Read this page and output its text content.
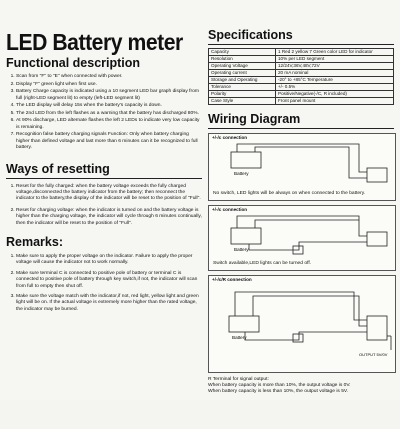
LED Battery meter
Functional description
1. Scan from "F" to "E" when connected with power.
2. Display "F" green light when first use.
3. Battery Charge capacity is indicated using a 10 segment LED bar graph display from full (right-LED segment lit) to empty (left-LED segment lit)
4. The LED display will delay 15s when the battery's capacity is down.
5. The 2nd LED from the left flashes as a warning that the battery has discharged 80%.
6. At 90% discharge, LED alternate flashes the left 2 LEDs to indicate very low capacity is remaining.
7. Recognition false battery charging signals Function: Only when battery charging higher than defined voltage and last more than 6 minutes can it be recognized to full battery.
Ways of resetting
1. Reset for the fully charged: when the battery voltage exceeds the fully charged voltage,disconnected the battery indicator from the battery; then reconnect the indicator to the battery,the display of the indicator will be reset to the position of "Full".
2. Reset for charging voltage: when the indicator is turned on and the battery voltage is higher than the charging voltage, the indicator will cycle through 6 minutes continually, then the indicator will be reset to the position of "Full".
Remarks:
1. Make sure to apply the proper voltage on the indicator. Failure to apply the proper voltage will cause the indicator not to work normally.
2. Make sure terminal C is connected to positive pole of battery or terminal C is connected to positive pole of battery through key switch,if not, the indicator will scan from full to empty then shut off.
3. Make sure the voltage match with the indicator,if not, red light, yellow light and green light will be on. If the actual voltage is extremely more higher than the rated voltage, the indicator may be burned.
Specifications
Capacity	1 Red 2 yellow 7 Green color LED for indicator
Resolution	10% per LED segment
Operating Voltage	12/24V,36V,48V,72V
Operating current	20 mA nominal
Storage and Operating	-20° to +85°C Temperature
Tolerance	+/- 0.5%
Polarity	Positive/Negative(-/C, R included)
Case Style	Front panel mount
Wiring Diagram
+/-/c connection
Battery
No switch, LED lights will be always on when connected to the battery.
+/-/c connection
Battery
Switch available,LED lights can be turned off.
+/-/c/R connection
Battery
OUTPUT 5V/0V
R Terminal for signal output:
When battery capacity is more than 10%, the output voltage is 0V.
When battery capacity is less than 10%, the output voltage is 5V.
